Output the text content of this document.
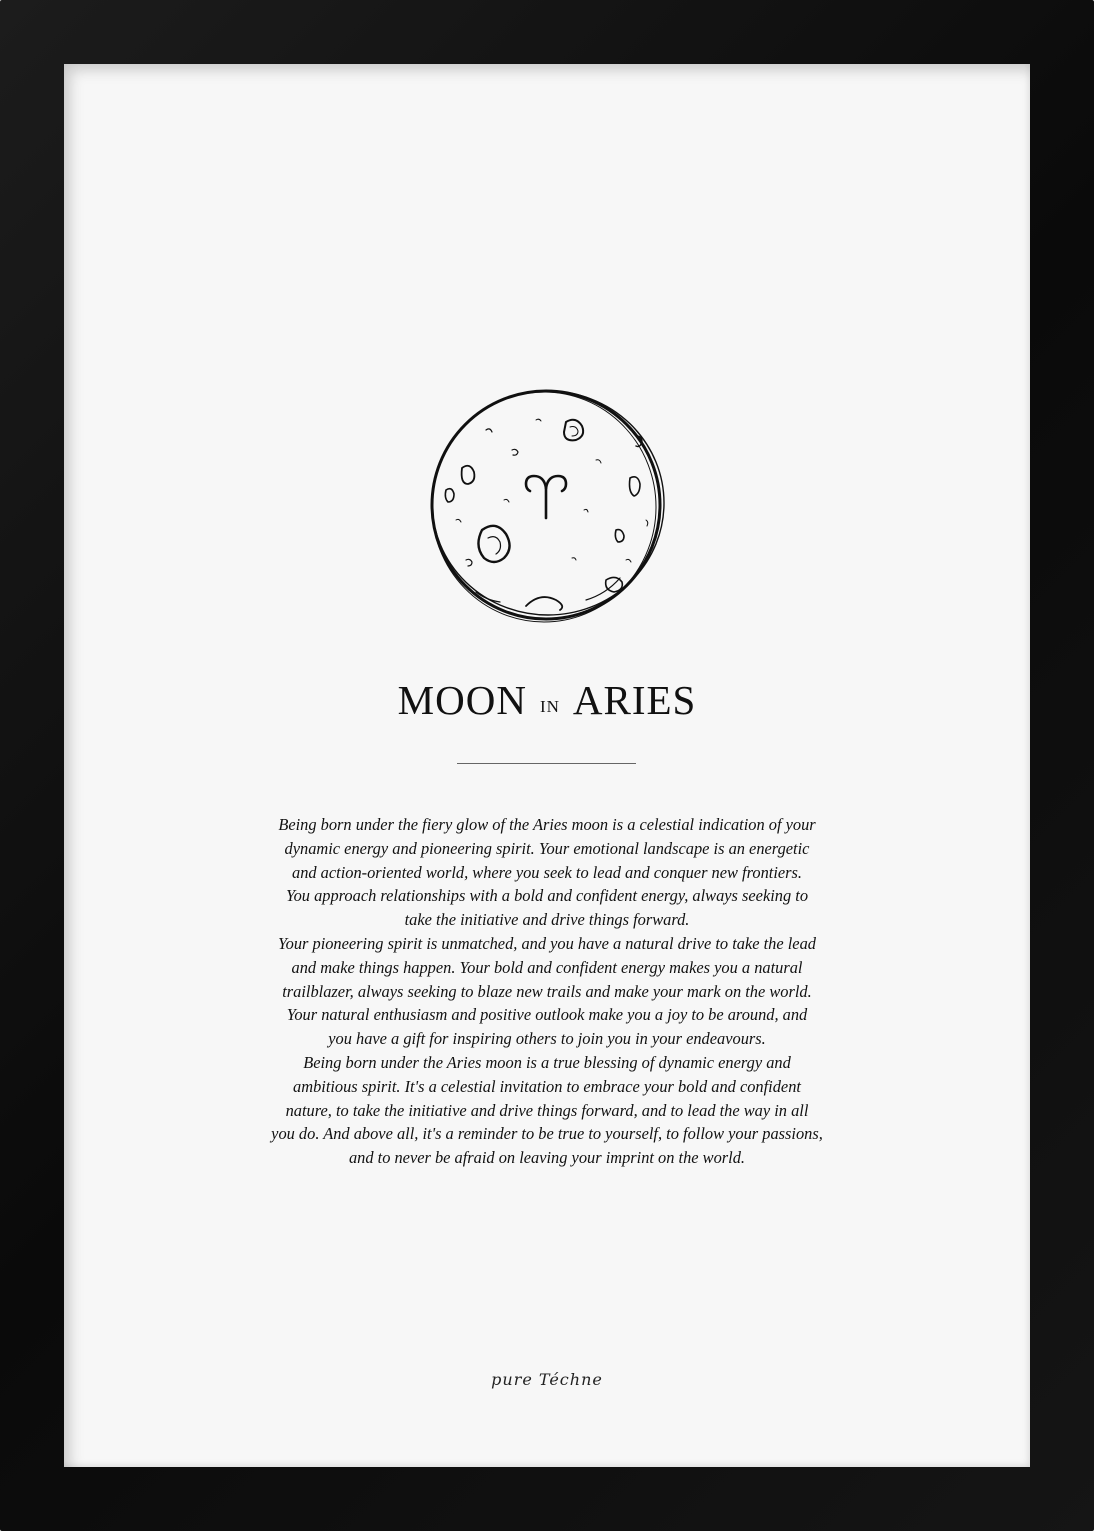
MOON IN ARIES
Being born under the fiery glow of the Aries moon is a celestial indication of your
dynamic energy and pioneering spirit. Your emotional landscape is an energetic
and action-oriented world, where you seek to lead and conquer new frontiers.
You approach relationships with a bold and confident energy, always seeking to
take the initiative and drive things forward.
Your pioneering spirit is unmatched, and you have a natural drive to take the lead
and make things happen. Your bold and confident energy makes you a natural
trailblazer, always seeking to blaze new trails and make your mark on the world.
Your natural enthusiasm and positive outlook make you a joy to be around, and
you have a gift for inspiring others to join you in your endeavours.
Being born under the Aries moon is a true blessing of dynamic energy and
ambitious spirit. It's a celestial invitation to embrace your bold and confident
nature, to take the initiative and drive things forward, and to lead the way in all
you do. And above all, it's a reminder to be true to yourself, to follow your passions,
and to never be afraid on leaving your imprint on the world.
pure Téchne
